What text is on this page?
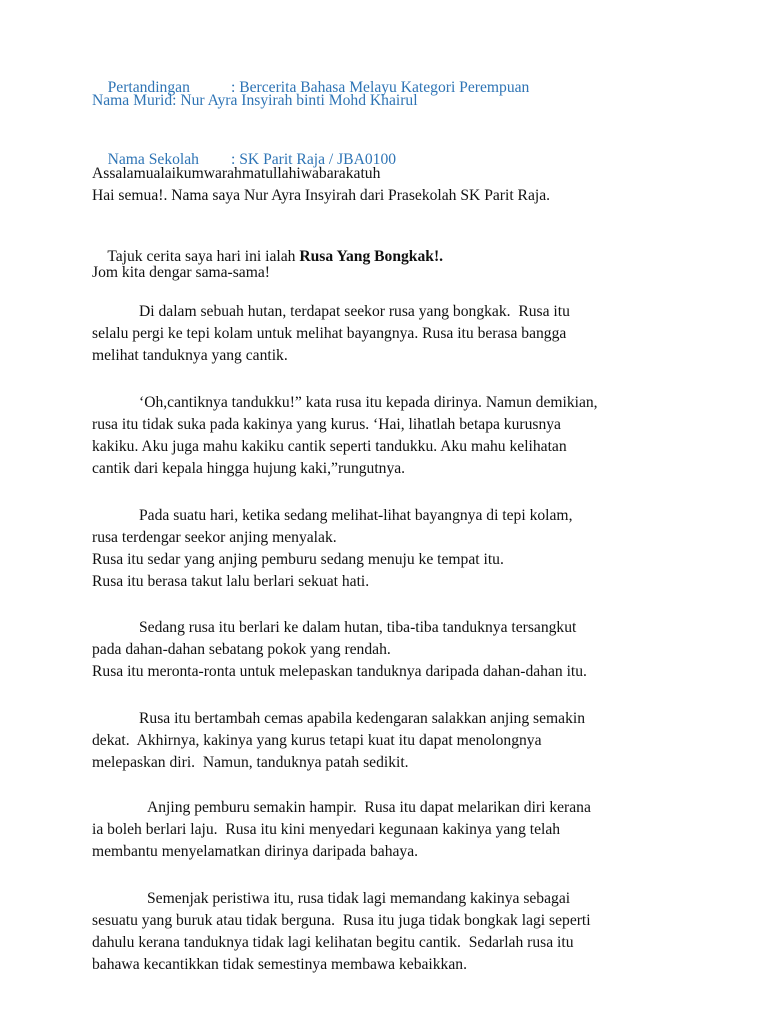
Pertandingan	: Bercerita Bahasa Melayu Kategori Perempuan

Nama Murid: Nur Ayra Insyirah binti Mohd Khairul

Nama Sekolah : SK Parit Raja / JBA0100

Assalamualaikumwarahmatullahiwabarakatuh
Hai semua!. Nama saya Nur Ayra Insyirah dari Prasekolah SK Parit Raja.

Tajuk cerita saya hari ini ialah Rusa Yang Bongkak!.

Jom kita dengar sama-sama!
Di dalam sebuah hutan, terdapat seekor rusa yang bongkak.  Rusa itu
selalu pergi ke tepi kolam untuk melihat bayangnya. Rusa itu berasa bangga
melihat tanduknya yang cantik.
‘Oh,cantiknya tandukku!” kata rusa itu kepada dirinya. Namun demikian,
rusa itu tidak suka pada kakinya yang kurus. ‘Hai, lihatlah betapa kurusnya
kakiku. Aku juga mahu kakiku cantik seperti tandukku. Aku mahu kelihatan
cantik dari kepala hingga hujung kaki,”rungutnya.
Pada suatu hari, ketika sedang melihat-lihat bayangnya di tepi kolam,
rusa terdengar seekor anjing menyalak.
Rusa itu sedar yang anjing pemburu sedang menuju ke tempat itu.
Rusa itu berasa takut lalu berlari sekuat hati.
Sedang rusa itu berlari ke dalam hutan, tiba-tiba tanduknya tersangkut
pada dahan-dahan sebatang pokok yang rendah.
Rusa itu meronta-ronta untuk melepaskan tanduknya daripada dahan-dahan itu.
Rusa itu bertambah cemas apabila kedengaran salakkan anjing semakin
dekat.  Akhirnya, kakinya yang kurus tetapi kuat itu dapat menolongnya
melepaskan diri.  Namun, tanduknya patah sedikit.
Anjing pemburu semakin hampir.  Rusa itu dapat melarikan diri kerana
ia boleh berlari laju.  Rusa itu kini menyedari kegunaan kakinya yang telah
membantu menyelamatkan dirinya daripada bahaya.
Semenjak peristiwa itu, rusa tidak lagi memandang kakinya sebagai
sesuatu yang buruk atau tidak berguna.  Rusa itu juga tidak bongkak lagi seperti
dahulu kerana tanduknya tidak lagi kelihatan begitu cantik.  Sedarlah rusa itu
bahawa kecantikkan tidak semestinya membawa kebaikkan.
